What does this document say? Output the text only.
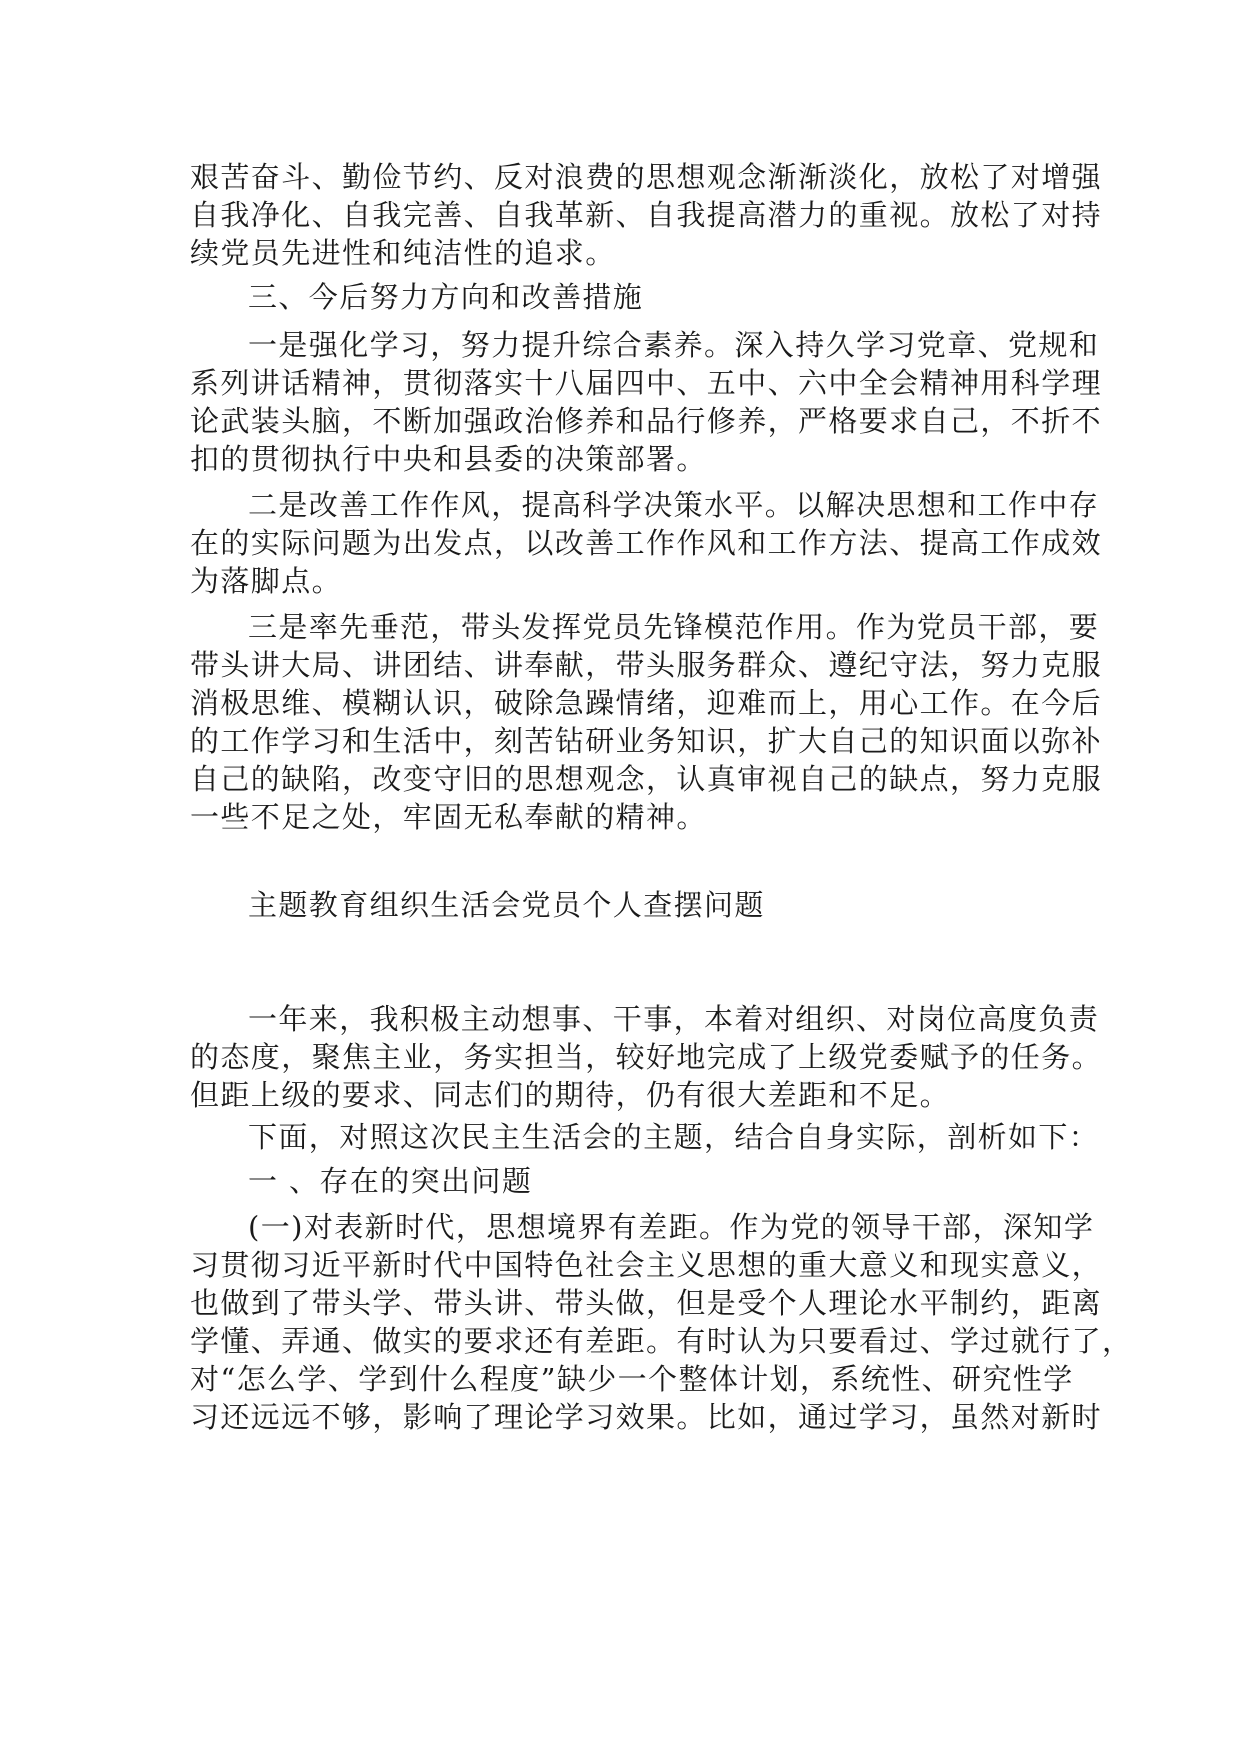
艰苦奋斗、勤俭节约、反对浪费的思想观念渐渐淡化，放松了对增强
自我净化、自我完善、自我革新、自我提高潜力的重视。放松了对持
续党员先进性和纯洁性的追求。
三、今后努力方向和改善措施
一是强化学习，努力提升综合素养。深入持久学习党章、党规和
系列讲话精神，贯彻落实十八届四中、五中、六中全会精神用科学理
论武装头脑，不断加强政治修养和品行修养，严格要求自己，不折不
扣的贯彻执行中央和县委的决策部署。
二是改善工作作风，提高科学决策水平。以解决思想和工作中存
在的实际问题为出发点，以改善工作作风和工作方法、提高工作成效
为落脚点。
三是率先垂范，带头发挥党员先锋模范作用。作为党员干部，要
带头讲大局、讲团结、讲奉献，带头服务群众、遵纪守法，努力克服
消极思维、模糊认识，破除急躁情绪，迎难而上，用心工作。在今后
的工作学习和生活中，刻苦钻研业务知识，扩大自己的知识面以弥补
自己的缺陷，改变守旧的思想观念，认真审视自己的缺点，努力克服
一些不足之处，牢固无私奉献的精神。
主题教育组织生活会党员个人查摆问题
一年来，我积极主动想事、干事，本着对组织、对岗位高度负责
的态度，聚焦主业，务实担当，较好地完成了上级党委赋予的任务。
但距上级的要求、同志们的期待，仍有很大差距和不足。
下面，对照这次民主生活会的主题，结合自身实际，剖析如下：
一 、存在的突出问题
(一)对表新时代，思想境界有差距。作为党的领导干部，深知学
习贯彻习近平新时代中国特色社会主义思想的重大意义和现实意义，
也做到了带头学、带头讲、带头做，但是受个人理论水平制约，距离
学懂、弄通、做实的要求还有差距。有时认为只要看过、学过就行了，
对“怎么学、学到什么程度”缺少一个整体计划，系统性、研究性学
习还远远不够，影响了理论学习效果。比如，通过学习，虽然对新时
